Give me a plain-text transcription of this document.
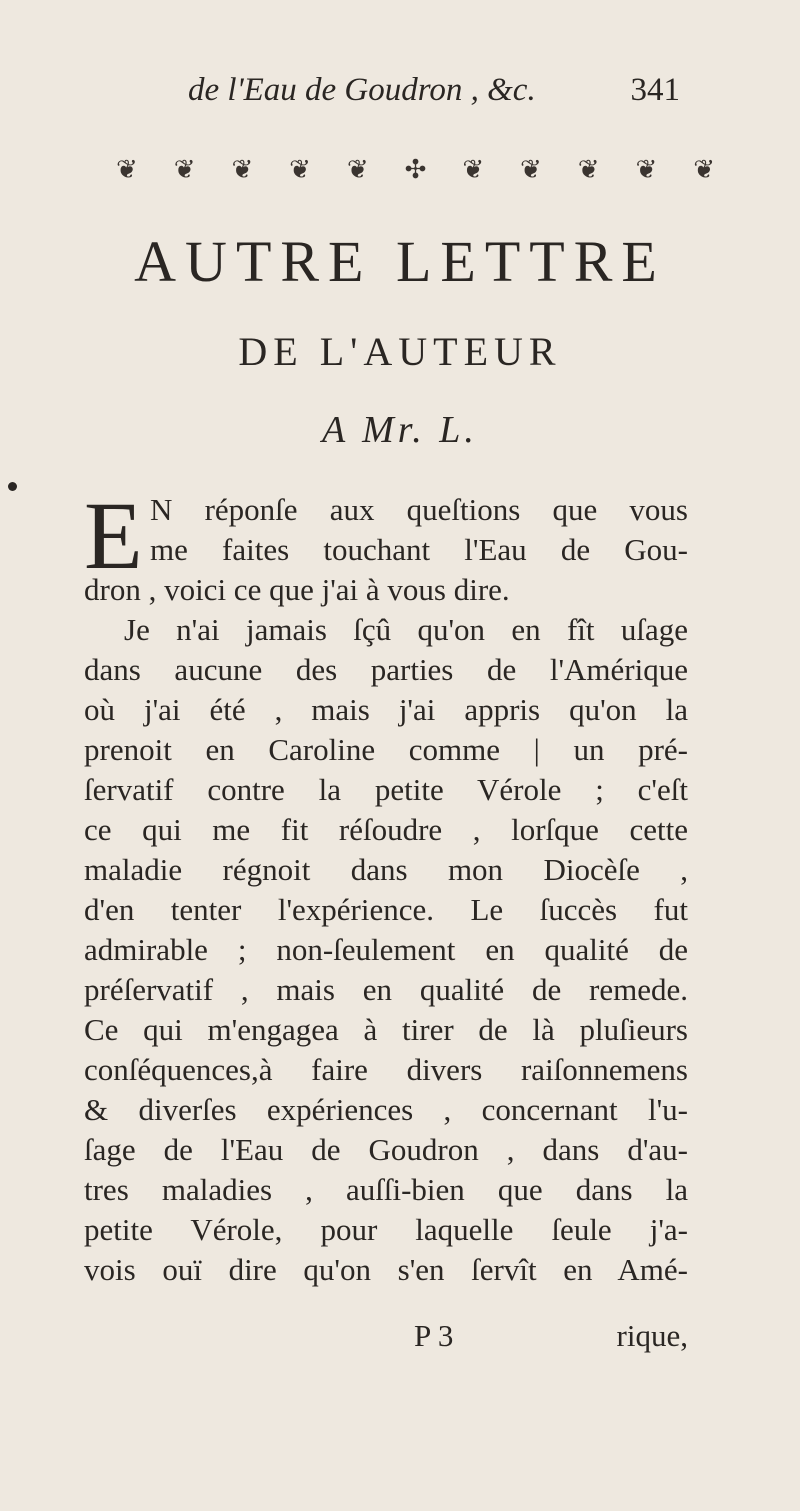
de l'Eau de Goudron , &c.	341
❦ ❦ ❦ ❦ ❦ ✣ ❦ ❦ ❦ ❦ ❦
AUTRE LETTRE
DE L'AUTEUR
A Mr. L.
E N réponſe aux queſtions que vous
me faites touchant l'Eau de Gou-
dron , voici ce que j'ai à vous dire.
Je n'ai jamais ſçû qu'on en fît uſage
dans aucune des parties de l'Amérique
où j'ai été , mais j'ai appris qu'on la
prenoit en Caroline comme | un pré-
ſervatif contre la petite Vérole ; c'eſt
ce qui me fit réſoudre , lorſque cette
maladie régnoit dans mon Diocèſe ,
d'en tenter l'expérience. Le ſuccès fut
admirable ; non-ſeulement en qualité de
préſervatif , mais en qualité de remede.
Ce qui m'engagea à tirer de là pluſieurs
conſéquences,à faire divers raiſonnemens
& diverſes expériences , concernant l'u-
ſage de l'Eau de Goudron , dans d'au-
tres maladies , auſſi-bien que dans la
petite Vérole, pour laquelle ſeule j'a-
vois ouï dire qu'on s'en ſervît en Amé-
P 3	rique,
